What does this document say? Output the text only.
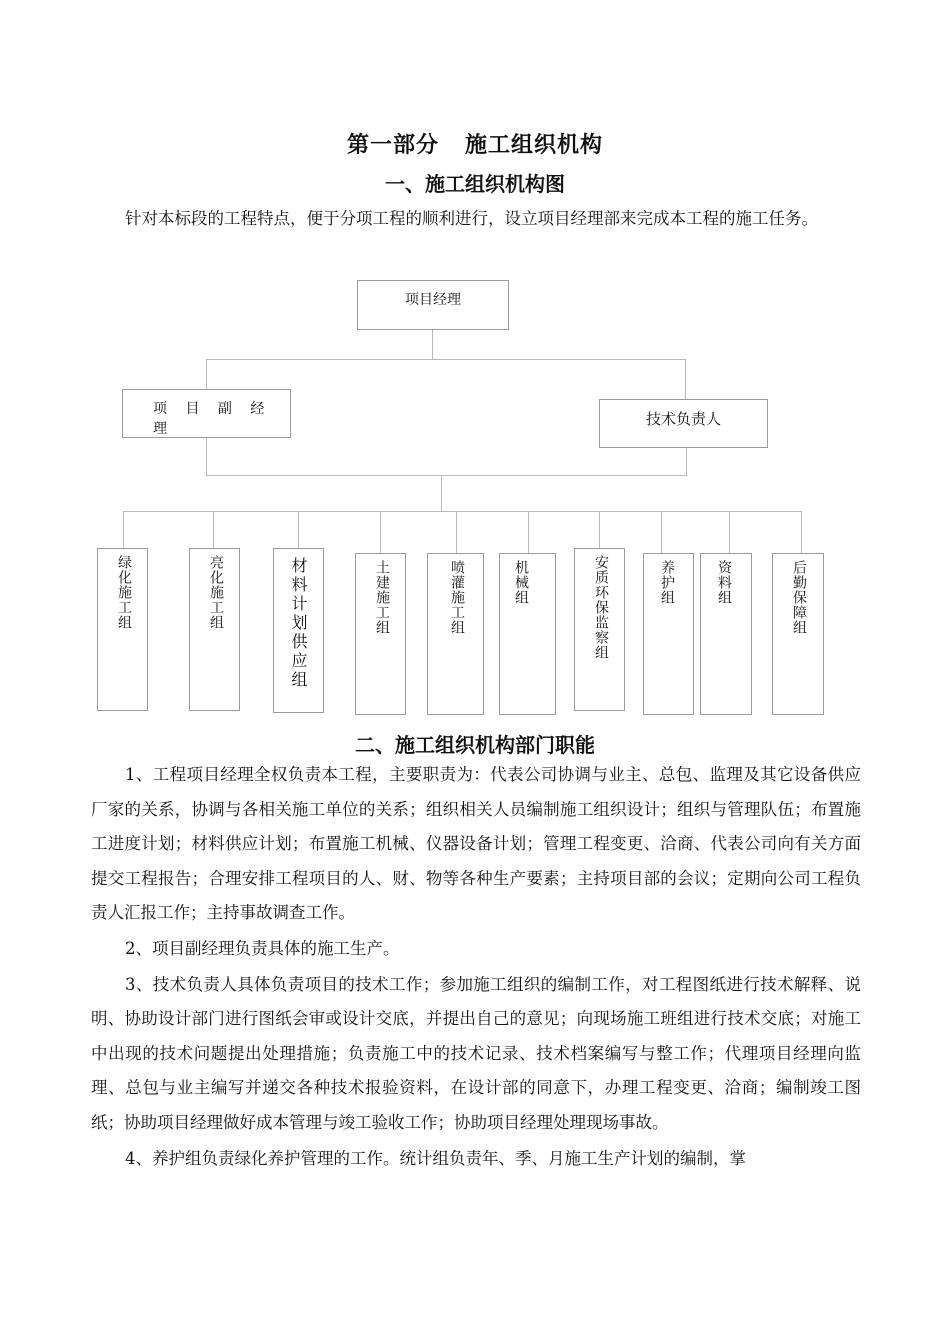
第一部分 施工组织机构
一、施工组织机构图

针对本标段的工程特点，便于分项工程的顺利进行，设立项目经理部来完成本工程的施工任务。

项目经理
项 目 副 经 理
技术负责人
绿化施工组	亮化施工组	材料计划供应组	土建施工组	喷灌施工组	机械组	安质环保监察组	养护组	资料组	后勤保障组
二、施工组织机构部门职能

1、工程项目经理全权负责本工程，主要职责为：代表公司协调与业主、总包、监理及其它设备供应厂家的关系，协调与各相关施工单位的关系；组织相关人员编制施工组织设计；组织与管理队伍；布置施工进度计划；材料供应计划；布置施工机械、仪器设备计划；管理工程变更、洽商、代表公司向有关方面提交工程报告；合理安排工程项目的人、财、物等各种生产要素；主持项目部的会议；定期向公司工程负责人汇报工作；主持事故调查工作。

2、项目副经理负责具体的施工生产。

3、技术负责人具体负责项目的技术工作；参加施工组织的编制工作，对工程图纸进行技术解释、说明、协助设计部门进行图纸会审或设计交底，并提出自己的意见；向现场施工班组进行技术交底；对施工中出现的技术问题提出处理措施；负责施工中的技术记录、技术档案编写与整工作；代理项目经理向监理、总包与业主编写并递交各种技术报验资料，在设计部的同意下，办理工程变更、洽商；编制竣工图纸；协助项目经理做好成本管理与竣工验收工作；协助项目经理处理现场事故。

4、养护组负责绿化养护管理的工作。统计组负责年、季、月施工生产计划的编制，掌
